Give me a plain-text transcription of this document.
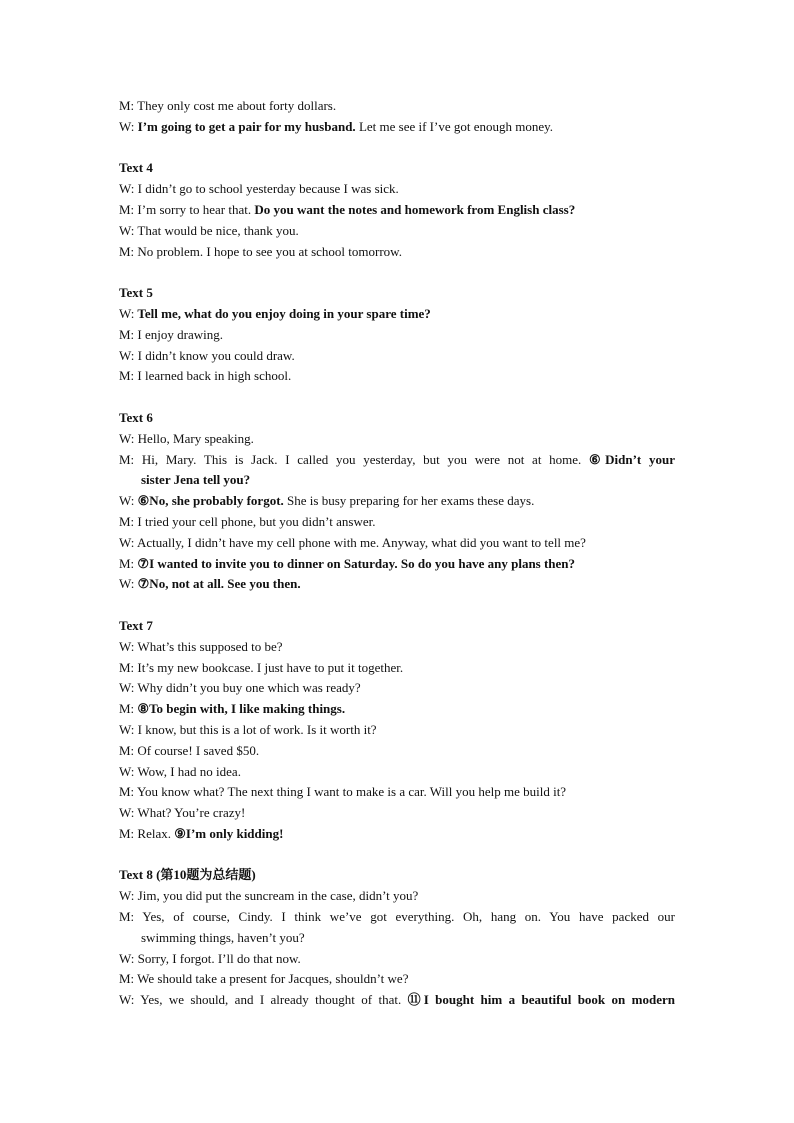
M: They only cost me about forty dollars.
W: I’m going to get a pair for my husband. Let me see if I’ve got enough money.
Text 4
W: I didn’t go to school yesterday because I was sick.
M: I’m sorry to hear that. Do you want the notes and homework from English class?
W: That would be nice, thank you.
M: No problem. I hope to see you at school tomorrow.
Text 5
W: Tell me, what do you enjoy doing in your spare time?
M: I enjoy drawing.
W: I didn’t know you could draw.
M: I learned back in high school.
Text 6
W: Hello, Mary speaking.
M: Hi, Mary. This is Jack. I called you yesterday, but you were not at home. ⑥Didn’t your
sister Jena tell you?
W: ⑥No, she probably forgot. She is busy preparing for her exams these days.
M: I tried your cell phone, but you didn’t answer.
W: Actually, I didn’t have my cell phone with me. Anyway, what did you want to tell me?
M: ⑦I wanted to invite you to dinner on Saturday. So do you have any plans then?
W: ⑦No, not at all. See you then.
Text 7
W: What’s this supposed to be?
M: It’s my new bookcase. I just have to put it together.
W: Why didn’t you buy one which was ready?
M: ⑧To begin with, I like making things.
W: I know, but this is a lot of work. Is it worth it?
M: Of course! I saved $50.
W: Wow, I had no idea.
M: You know what? The next thing I want to make is a car. Will you help me build it?
W: What? You’re crazy!
M: Relax. ⑨I’m only kidding!
Text 8 (第10题为总结题)
W: Jim, you did put the suncream in the case, didn’t you?
M: Yes, of course, Cindy. I think we’ve got everything. Oh, hang on. You have packed our
swimming things, haven’t you?
W: Sorry, I forgot. I’ll do that now.
M: We should take a present for Jacques, shouldn’t we?
W: Yes, we should, and I already thought of that. ⑪I bought him a beautiful book on modern
